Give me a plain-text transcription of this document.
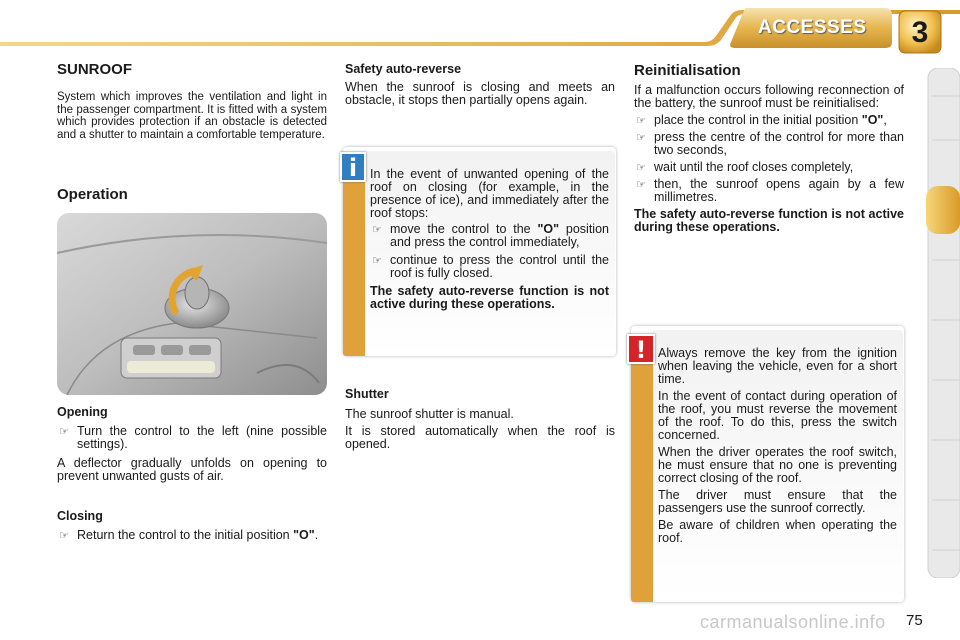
ACCESSES	3
SUNROOF
System which improves the ventilation and light in the passenger compartment. It is fitted with a system which provides protection if an obstacle is detected and a shutter to maintain a comfortable temperature.
Operation
Opening
☞ Turn the control to the left (nine possible settings).
A deflector gradually unfolds on opening to prevent unwanted gusts of air.
Closing
☞ Return the control to the initial position "O".
Safety auto-reverse
When the sunroof is closing and meets an obstacle, it stops then partially opens again.
i	In the event of unwanted opening of the roof on closing (for example, in the presence of ice), and immediately after the roof stops:
☞ move the control to the "O" position and press the control immediately,
☞ continue to press the control until the roof is fully closed.
The safety auto-reverse function is not active during these operations.
Shutter
The sunroof shutter is manual.
It is stored automatically when the roof is opened.
Reinitialisation
If a malfunction occurs following reconnection of the battery, the sunroof must be reinitialised:
☞ place the control in the initial position "O",
☞ press the centre of the control for more than two seconds,
☞ wait until the roof closes completely,
☞ then, the sunroof opens again by a few millimetres.
The safety auto-reverse function is not active during these operations.
! Always remove the key from the ignition when leaving the vehicle, even for a short time.
In the event of contact during operation of the roof, you must reverse the movement of the roof. To do this, press the switch concerned.
When the driver operates the roof switch, he must ensure that no one is preventing correct closing of the roof.
The driver must ensure that the passengers use the sunroof correctly.
Be aware of children when operating the roof.
carmanualsonline.info 75
